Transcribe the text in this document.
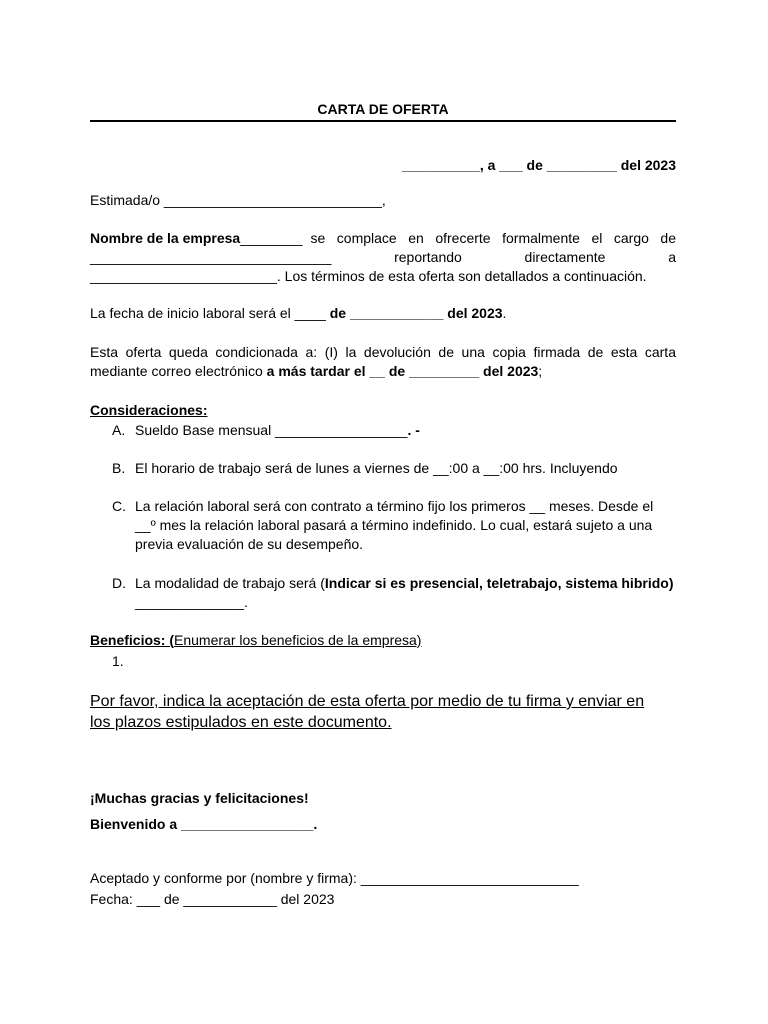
CARTA DE OFERTA
__________, a ___ de _________ del 2023

Estimada/o ____________________________,

Nombre de la empresa________ se complace en ofrecerte formalmente el cargo de
_______________________________	reportando	directamente	a
________________________. Los términos de esta oferta son detallados a continuación.

La fecha de inicio laboral será el ____ de ____________ del 2023.

Esta oferta queda condicionada a: (I) la devolución de una copia firmada de esta carta mediante correo electrónico a más tardar el __ de _________ del 2023;

Consideraciones:
A. Sueldo Base mensual _________________. -
B. El horario de trabajo será de lunes a viernes de __:00 a __:00 hrs. Incluyendo
C. La relación laboral será con contrato a término fijo los primeros __ meses. Desde el __º mes la relación laboral pasará a término indefinido. Lo cual, estará sujeto a una previa evaluación de su desempeño.
D. La modalidad de trabajo será (Indicar si es presencial, teletrabajo, sistema hibrido)
______________.
Beneficios: (Enumerar los beneficios de la empresa)
1.

Por favor, indica la aceptación de esta oferta por medio de tu firma y enviar en los plazos estipulados en este documento.

¡Muchas gracias y felicitaciones!
Bienvenido a _________________.
Aceptado y conforme por (nombre y firma): ____________________________
Fecha: ___ de ____________ del 2023
